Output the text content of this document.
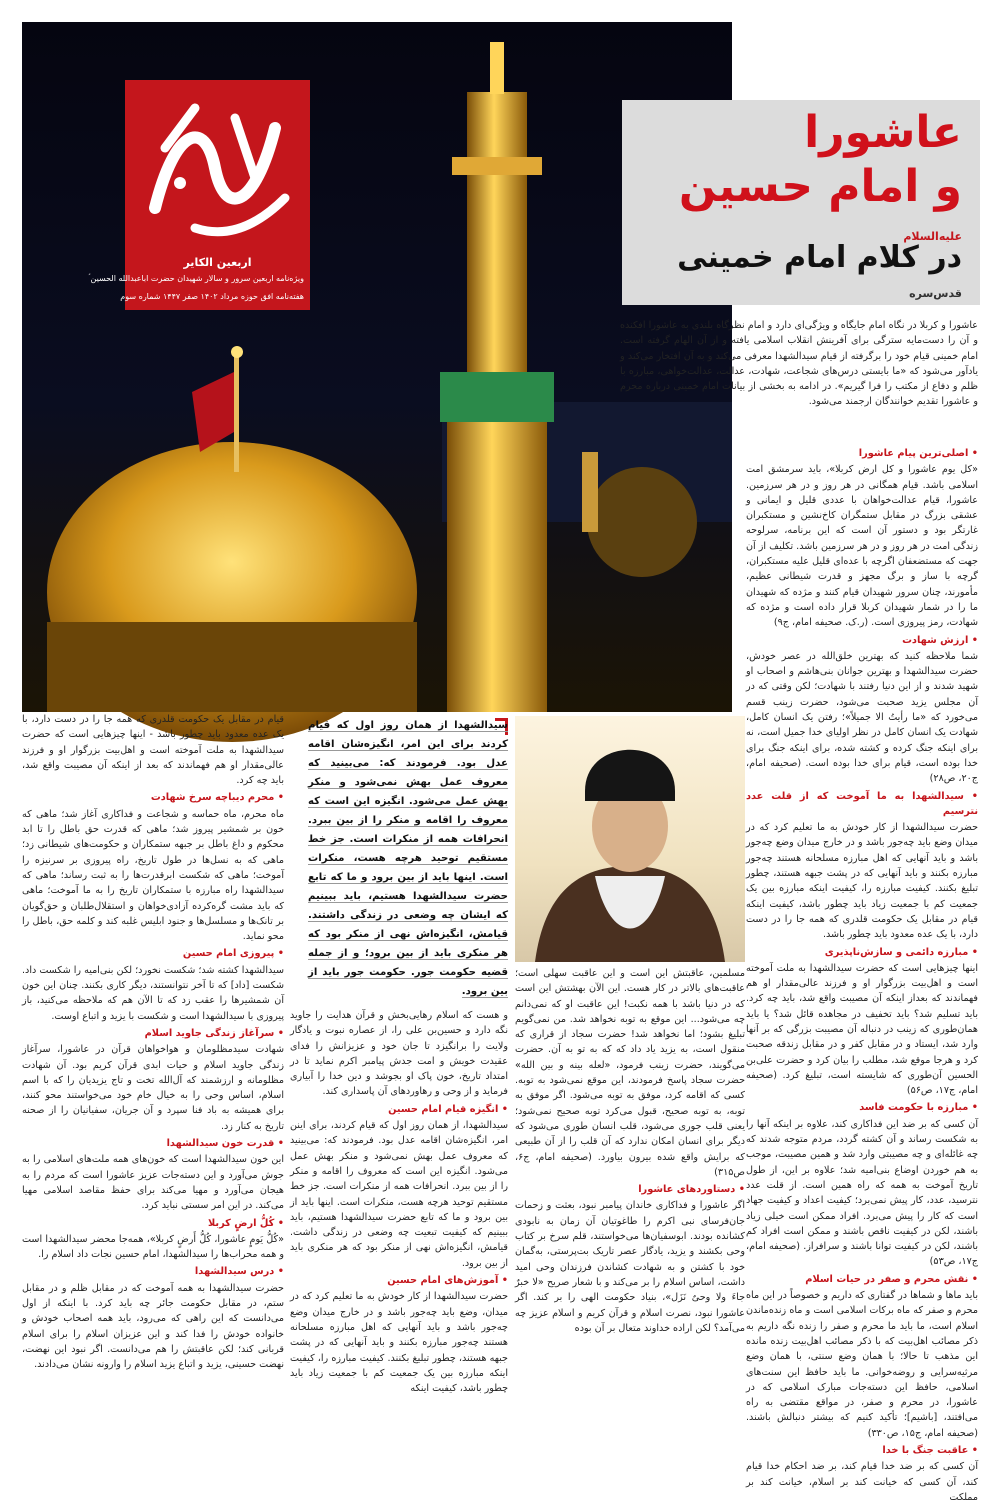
اربعین الکایر
ویژه‌نامه اربعین سرور و سالار شهیدان حضرت اباعبدالله الحسین ؑ
هفته‌نامه افق حوزه مرداد ۱۴۰۲ صفر ۱۴۴۷ شماره سوم
عاشورا
و امام حسین $^{علیه‌السلام}$
در کلام امام خمینی $^{قدس‌سره}$
عاشورا و کربلا در نگاه امام جایگاه و ویژگی‌ای دارد و امام نظرگاه بلندی به عاشورا افکنده و آن را دست‌مایه سترگی برای آفرینش انقلاب اسلامی یافته و از آن الهام گرفته است. امام خمینی قیام خود را برگرفته از قیام سیدالشهدا معرفی می‌کند و به آن افتخار می‌کند و یادآور می‌شود که «ما بایستی درس‌های شجاعت، شهادت، عدالت، عدالت‌خواهی، مبارزه با ظلم و دفاع از مکتب را فرا گیریم». در ادامه به بخشی از بیانات امام خمینی درباره محرم و عاشورا تقدیم خوانندگان ارجمند می‌شود.
سیدالشهدا از همان روز اول که قیام کردند برای این امر، انگیزه‌شان اقامه عدل بود. فرمودند که: می‌بینید که معروف عمل بهش نمی‌شود و منکر بهش عمل می‌شود. انگیزه این است که معروف را اقامه و منکر را از بین ببرد. انحرافات همه از منکرات است. جز خط مستقیم توحید هرچه هست، منکرات است. اینها باید از بین برود و ما که تابع حضرت سیدالشهدا هستیم، باید ببینیم که ایشان چه وضعی در زندگی داشتند. قیامش، انگیزه‌اش نهی از منکر بود که هر منکری باید از بین برود؛ و از جمله قضیه حکومت جور. حکومت جور باید از بین برود.
• اصلی‌ترین پیام عاشورا

«کل یوم عاشورا و کل ارض کربلا»، باید سرمشق امت اسلامی باشد. قیام همگانی در هر روز و در هر سرزمین. عاشورا، قیام عدالت‌خواهان با عددی قلیل و ایمانی و عشقی بزرگ در مقابل ستمگران کاخ‌نشین و مستکبران غارتگر بود و دستور آن است که این برنامه، سرلوحه زندگی امت در هر روز و در هر سرزمین باشد. تکلیف از آن جهت که مستضعفان اگرچه با عده‌ای قلیل علیه مستکبران، گرچه با ساز و برگ مجهز و قدرت شیطانی عظیم، مأمورند، چنان سرور شهیدان قیام کنند و مژده که شهیدان ما را در شمار شهیدان کربلا قرار داده است و مژده که شهادت، رمز پیروزی است. (ر.ک. صحیفه امام، ج۹)

• ارزش شهادت

شما ملاحظه کنید که بهترین خلق‌الله در عصر خودش، حضرت سیدالشهدا و بهترین جوانان بنی‌هاشم و اصحاب او شهید شدند و از این دنیا رفتند با شهادت؛ لکن وقتی که در آن مجلس یزید صحبت می‌شود، حضرت زینب قسم می‌خورد که «ما رأیتُ الا جمیلاً»؛ رفتن یک انسان کامل، شهادت یک انسان کامل در نظر اولیای خدا جمیل است، نه برای اینکه جنگ کرده و کشته شده، برای اینکه جنگ برای خدا بوده است، قیام برای خدا بوده است. (صحیفه امام، ج۲۰، ص۲۸)

• سیدالشهدا به ما آموخت که از قلت عدد نترسیم

حضرت سیدالشهدا از کار خودش به ما تعلیم کرد که در میدان وضع باید چه‌جور باشد و در خارج میدان وضع چه‌جور باشد و باید آنهایی که اهل مبارزه مسلحانه هستند چه‌جور مبارزه بکنند و باید آنهایی که در پشت جبهه هستند، چطور تبلیغ بکنند. کیفیت مبارزه را، کیفیت اینکه مبارزه بین یک جمعیت کم با جمعیت زیاد باید چطور باشد، کیفیت اینکه قیام در مقابل یک حکومت قلدری که همه جا را در دست دارد، با یک عده معدود باید چطور باشد.

• مبارزه دائمی و سازش‌ناپذیری

اینها چیزهایی است که حضرت سیدالشهدا به ملت آموخته است و اهل‌بیت بزرگوار او و فرزند عالی‌مقدار او هم فهماندند که بعداز اینکه آن مصیبت واقع شد، باید چه کرد. باید تسلیم شد؟ باید تخفیف در مجاهده قائل شد؟ یا باید همان‌طوری که زینب در دنباله آن مصیبت بزرگی که بر آنها وارد شد، ایستاد و در مقابل کفر و در مقابل زندقه صحبت کرد و هرجا موقع شد، مطلب را بیان کرد و حضرت علی‌بن الحسین آن‌طوری که شایسته است، تبلیغ کرد. (صحیفه امام، ج۱۷، ص۵۶)

• مبارزه با حکومت فاسد

آن کسی که بر ضد این فداکاری کند، علاوه بر اینکه آنها را به شکست رساند و آن کشته گردد، مردم متوجه شدند که چه غائله‌ای و چه مصیبتی وارد شد و همین مصیبت، موجب به هم خوردن اوضاع بنی‌امیه شد؛ علاوه بر این، از طول تاریخ آموخت به همه که راه همین است. از قلت عدد نترسید، عدد، کار پیش نمی‌برد؛ کیفیت اعداد و کیفیت جهاد است که کار را پیش می‌برد. افراد ممکن است خیلی زیاد باشند، لکن در کیفیت ناقص باشند و ممکن است افراد کم باشند، لکن در کیفیت توانا باشند و سرافراز. (صحیفه امام، ج۱۷، ص۵۳)

• نقش محرم و صفر در حیات اسلام

باید ماها و شماها در گفتاری که داریم و خصوصاً در این ماه محرم و صفر که ماه برکات اسلامی است و ماه زنده‌ماندن اسلام است، ما باید ما محرم و صفر را زنده نگه داریم به ذکر مصائب اهل‌بیت که با ذکر مصائب اهل‌بیت زنده مانده این مذهب تا حالا؛ با همان وضع سنتی، با همان وضع مرثیه‌سرایی و روضه‌خوانی. ما باید حافظ این سنت‌های اسلامی، حافظ این دسته‌جات مبارک اسلامی که در عاشورا، در محرم و صفر، در مواقع مقتضی به راه می‌افتند، [باشیم]؛ تأکید کنیم که بیشتر دنبالش باشند. (صحیفه امام، ج۱۵، ص۳۳۰)

• عاقبت جنگ با خدا

آن کسی که بر ضد خدا قیام کند، بر ضد احکام خدا قیام کند، آن کسی که خیانت کند بر اسلام، خیانت کند بر مملکت

مسلمین، عاقبتش این است و این عاقبت سهلی است؛ عاقبت‌های بالاتر در کار هست. این الآن بهشتش این است که در دنیا باشد با همه نکبت! این عاقبت او که نمی‌دانم چه می‌شود... این موقع به توبه نخواهد شد. من نمی‌گویم تبلیغ بشود؛ اما نخواهد شد! حضرت سجاد از قراری که منقول است، به یزید یاد داد که که به تو به آن. حضرت می‌گویند، حضرت زینب فرمود، «لعله بینه و بین الله» حضرت سجاد پاسخ فرمودند، این موقع نمی‌شود به توبه. کسی که اقامه کرد، موفق به توبه می‌شود. اگر موفق به توبه، به توبه صحیح، قبول می‌کرد توبه صحیح نمی‌شود؛ یعنی قلب جوری می‌شود، قلب انسان طوری می‌شود که دیگر برای انسان امکان ندارد که آن قلب را از آن طبیعی که برایش واقع شده بیرون بیاورد. (صحیفه امام، ج۶، ص۳۱۵)

• دستاوردهای عاشورا

اگر عاشورا و فداکاری خاندان پیامبر نبود، بعثت و زحمات جان‌فرسای نبی اکرم را طاغوتیان آن زمان به نابودی کشانده بودند. ابوسفیان‌ها می‌خواستند، قلم سرخ بر کتاب وحی بکشند و یزید، یادگار عصر تاریک بت‌پرستی، به‌گمان خود با کشتن و به شهادت کشاندن فرزندان وحی امید داشت، اساس اسلام را بر می‌کند و با شعار صریح «لا خبرٌ جاءَ ولا وحیٌ نَزَل»، بنیاد حکومت الهی را بر کند. اگر عاشورا نبود، نصرت اسلام و قرآن کریم و اسلام عزیز چه می‌آمد؟ لکن اراده خداوند متعال بر آن بوده

و هست که اسلام رهایی‌بخش و قرآن هدایت را جاوید نگه دارد و حسین‌بن علی را، از عصاره نبوت و یادگار ولایت را برانگیزد تا جان خود و عزیزانش را فدای عقیدت خویش و امت جدش پیامبر اکرم نماید تا در امتداد تاریخ، خون پاک او بجوشد و دین خدا را آبیاری فرماید و از وحی و رهاوردهای آن پاسداری کند.

• انگیزه قیام امام حسین

سیدالشهدا، از همان روز اول که قیام کردند، برای اینن امر، انگیزه‌شان اقامه عدل بود. فرمودند که: می‌بینید که معروف عمل بهش نمی‌شود و منکر بهش عمل می‌شود. انگیزه این است که معروف را اقامه و منکر را از بین ببرد. انحرافات همه از منکرات است. جز خط مستقیم توحید هرچه هست، منکرات است. اینها باید از بین برود و ما که تابع حضرت سیدالشهدا هستیم، باید ببینیم که کیفیت تبعیت چه وضعی در زندگی داشت. قیامش، انگیزه‌اش نهی از منکر بود که هر منکری باید از بین برود.

• آموزش‌های امام حسین

حضرت سیدالشهدا از کار خودش به ما تعلیم کرد که در میدان، وضع باید چه‌جور باشد و در خارج میدان وضع چه‌جور باشد و باید آنهایی که اهل مبارزه مسلحانه هستند چه‌جور مبارزه بکنند و باید آنهایی که در پشت جبهه هستند، چطور تبلیغ بکنند. کیفیت مبارزه را، کیفیت اینکه مبارزه بین یک جمعیت کم با جمعیت زیاد باید چطور باشد، کیفیت اینکه

قیام در مقابل یک حکومت قلدری که همه جا را در دست دارد، با یک عده معدود باید چطور باشد - اینها چیزهایی است که حضرت سیدالشهدا به ملت آموخته است و اهل‌بیت بزرگوار او و فرزند عالی‌مقدار او هم فهماندند که بعد از اینکه آن مصیبت واقع شد، باید چه کرد.

• محرم دیباچه سرخ شهادت

ماه محرم، ماه حماسه و شجاعت و فداکاری آغاز شد؛ ماهی که خون بر شمشیر پیروز شد؛ ماهی که قدرت حق باطل را تا ابد محکوم و داغ باطل بر جبهه ستمکاران و حکومت‌های شیطانی زد؛ ماهی که به نسل‌ها در طول تاریخ، راه پیروزی بر سرنیزه را آموخت؛ ماهی که شکست ابرقدرت‌ها را به ثبت رساند؛ ماهی که سیدالشهدا راه مبارزه با ستمکاران تاریخ را به ما آموخت؛ ماهی که باید مشت گره‌کرده آزادی‌خواهان و استقلال‌طلبان و حق‌گویان بر تانک‌ها و مسلسل‌ها و جنود ابلیس غلبه کند و کلمه حق، باطل را محو نماید.

• پیروزی امام حسین

سیدالشهدا کشته شد؛ شکست نخورد؛ لکن بنی‌امیه را شکست داد. شکست [داد] که تا آخر نتوانستند، دیگر کاری بکنند. چنان این خون آن شمشیرها را عقب زد که تا الآن هم که ملاحظه می‌کنید، باز پیروزی با سیدالشهدا است و شکست با یزید و اتباع اوست.

• سرآغاز زندگی جاوید اسلام

شهادت سیدمظلومان و هواخواهان قرآن در عاشورا، سرآغاز زندگی جاوید اسلام و حیات ابدی قرآن کریم بود. آن شهادت مظلومانه و ارزشمند که آل‌الله تخت و تاج یزیدیان را که با اسم اسلام، اساس وحی را به خیال خام خود می‌خواستند محو کنند، برای همیشه به باد فنا سپرد و آن جریان، سفیانیان را از صحنه تاریخ به کنار زد.

• قدرت خون سیدالشهدا

این خون سیدالشهدا است که خون‌های همه ملت‌های اسلامی را به جوش می‌آورد و این دسته‌جات عزیز عاشورا است که مردم را به هیجان می‌آورد و مهیا می‌کند برای حفظ مقاصد اسلامی مهیا می‌کند. در این امر سستی نباید کرد.

• کُلُّ ارضٍ کربلا

«کُلُّ یَومٍ عاشورا، کُلُّ أَرضٍ کربلا»، همه‌جا محضر سیدالشهدا است و همه محراب‌ها را سیدالشهدا، امام حسین نجات داد اسلام را.

• درس سیدالشهدا

حضرت سیدالشهدا به همه آموخت که در مقابل ظلم و در مقابل ستم، در مقابل حکومت جائر چه باید کرد. با اینکه از اول می‌دانست که این راهی که می‌رود، باید همه اصحاب خودش و خانواده خودش را فدا کند و این عزیزان اسلام را برای اسلام قربانی کند؛ لکن عاقبتش را هم می‌دانست. اگر نبود این نهضت، نهضت حسینی، یزید و اتباع یزید اسلام را وارونه نشان می‌دادند.
